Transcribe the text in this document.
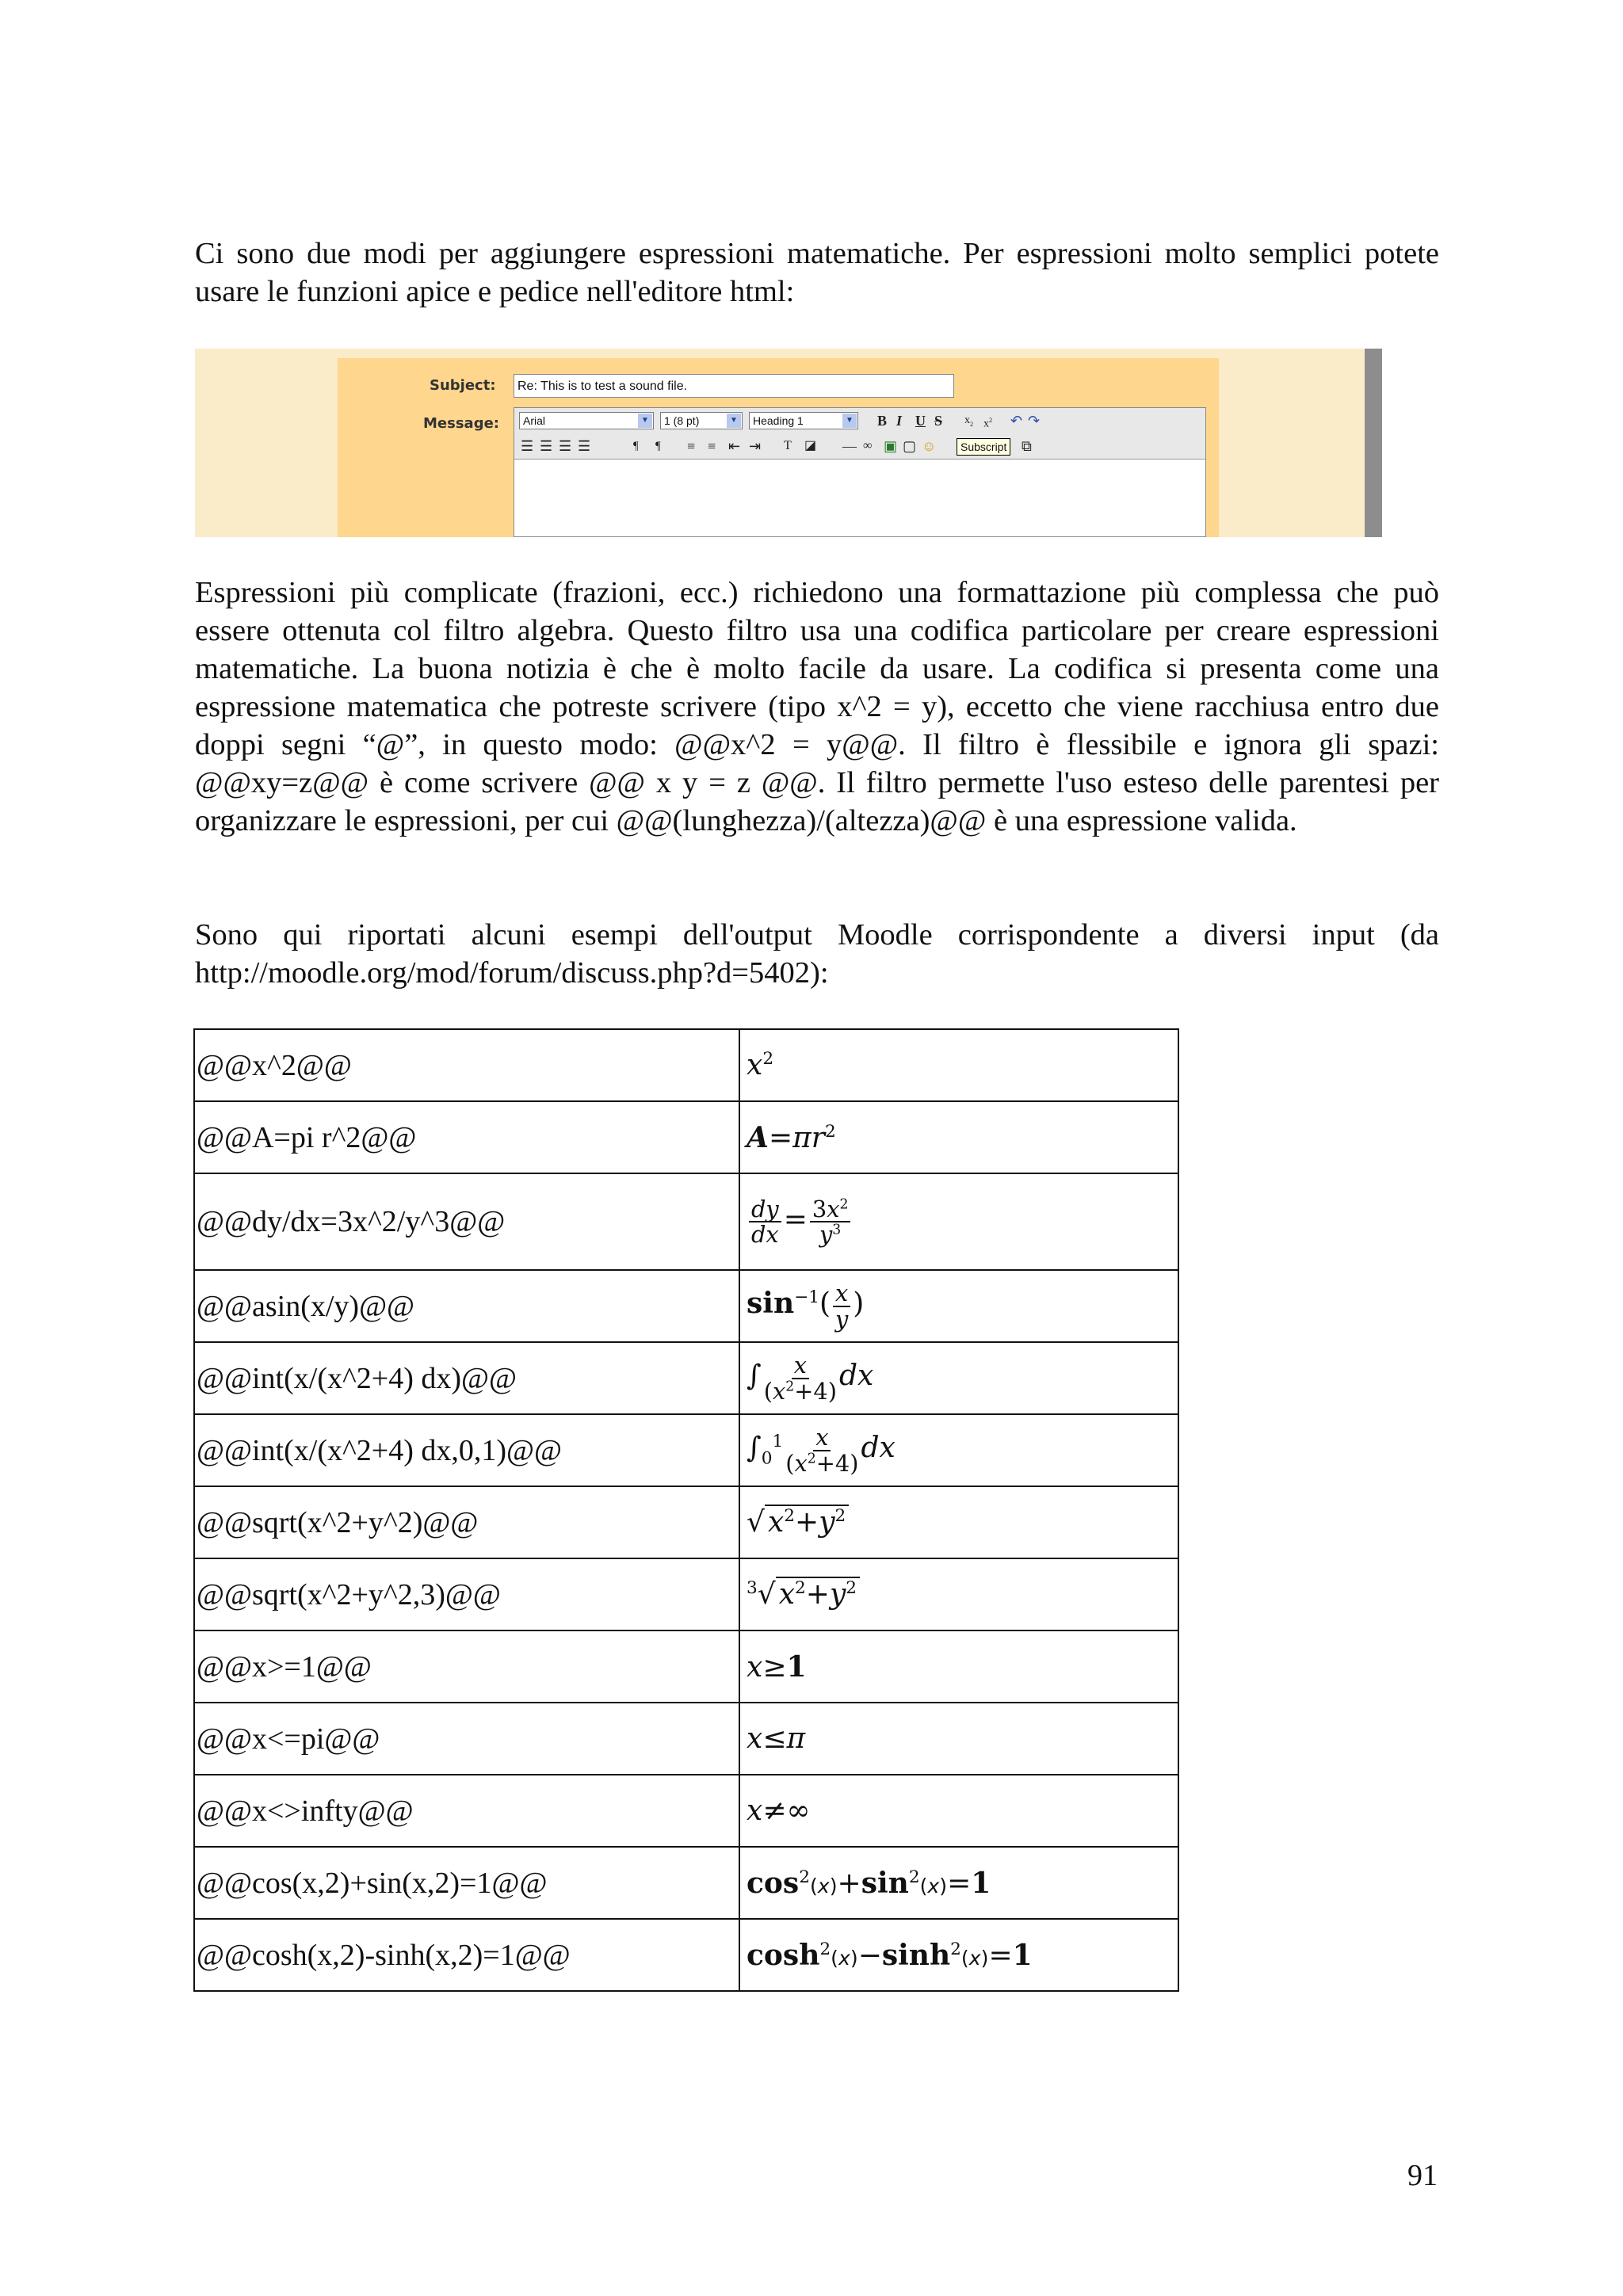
Ci sono due modi per aggiungere espressioni matematiche. Per espressioni molto semplici potete usare le funzioni apice e pedice nell'editore html:

Subject:	Re: This is to test a sound file.
Message:	Arial	▼	1 (8 pt)	▼	Heading 1	▼ B I U S $x_2$ $x^2$ ↶ ↷
☰ ☰ ☰ ☰	¶ ¶ ≡ ≡ ⇤ ⇥ T ◪ — ∞ ▣ ▢ ☺	⧉
Subscript

Espressioni più complicate (frazioni, ecc.) richiedono una formattazione più complessa che può essere ottenuta col filtro algebra. Questo filtro usa una codifica particolare per creare espressioni matematiche. La buona notizia è che è molto facile da usare. La codifica si presenta come una espressione matematica che potreste scrivere (tipo x^2 = y), eccetto che viene racchiusa entro due doppi segni “@”, in questo modo: @@x^2 = y@@. Il filtro è flessibile e ignora gli spazi: @@xy=z@@ è come scrivere @@ x y = z @@. Il filtro permette l'uso esteso delle parentesi per organizzare le espressioni, per cui @@(lunghezza)/(altezza)@@ è una espressione valida.

Sono qui riportati alcuni esempi dell'output Moodle corrispondente a diversi input (da http://moodle.org/mod/forum/discuss.php?d=5402):

@@x^2@@	$x^2$
@@A=pi r^2@@	$A=\pi r^2$
@@dy/dx=3x^2/y^3@@	$\frac{dy}{dx} = \frac{3x^2}{y^3}$

@@asin(x/y)@@	$\sin^{-1}( \frac{x}{y}$ )
@@int(x/(x^2+4) dx)@@	∫ $\frac{x}{(x^2+4)}$ dx
@@int(x/(x^2+4) dx,0,1)@@	$\int_0^1 \frac{x}{(x^2+4)}$ dx
@@sqrt(x^2+y^2)@@	√ $x^2+y^2$
@@sqrt(x^2+y^2,3)@@	$^3$√ $x^2+y^2$
@@x>=1@@	x≥1
@@x<=pi@@	x≤π
@@x<>infty@@	x≠∞
@@cos(x,2)+sin(x,2)=1@@	$\cos^2(x)+\sin^2(x)=1$
@@cosh(x,2)-sinh(x,2)=1@@	$\cosh^2(x)-\sinh^2(x)=1$
91
